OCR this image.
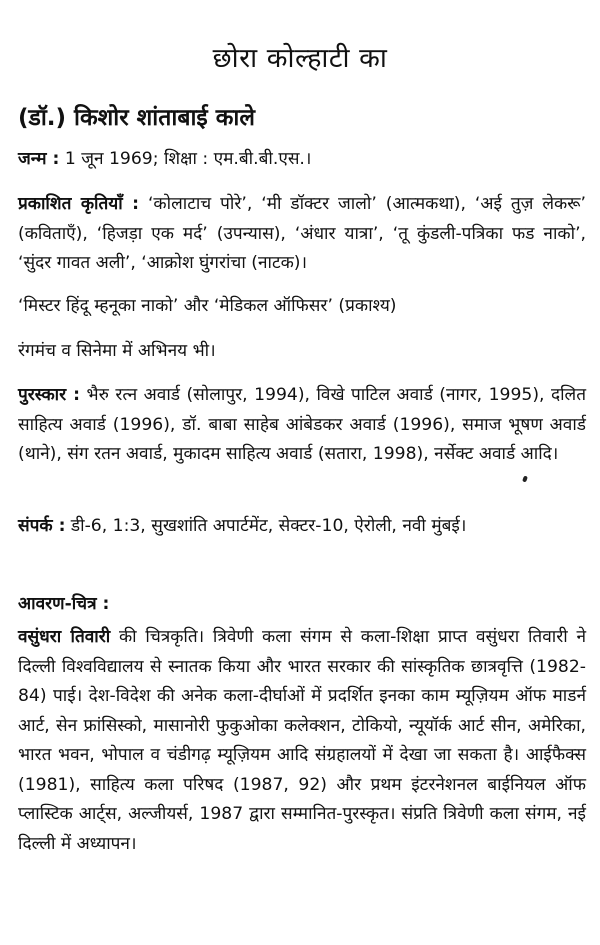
छोरा कोल्हाटी का
(डॉ.) किशोर शांताबाई काले

जन्म : 1 जून 1969; शिक्षा : एम.बी.बी.एस.।

प्रकाशित कृतियाँ : ‘कोलाटाच पोरे’, ‘मी डॉक्टर जालो’ (आत्मकथा), ‘अई तुज़ लेकरू’ (कविताएँ), ‘हिजड़ा एक मर्द’ (उपन्यास), ‘अंधार यात्रा’, ‘तू कुंडली-पत्रिका फड नाको’, ‘सुंदर गावत अली’, ‘आक्रोश घुंगरांचा (नाटक)।

‘मिस्टर हिंदू म्हनूका नाको’ और ‘मेडिकल ऑफिसर’ (प्रकाश्य)

रंगमंच व सिनेमा में अभिनय भी।

पुरस्कार : भैरु रत्न अवार्ड (सोलापुर, 1994), विखे पाटिल अवार्ड (नागर, 1995), दलित साहित्य अवार्ड (1996), डॉ. बाबा साहेब आंबेडकर अवार्ड (1996), समाज भूषण अवार्ड (थाने), संग रतन अवार्ड, मुकादम साहित्य अवार्ड (सतारा, 1998), नर्सेक्ट अवार्ड आदि।

संपर्क : डी-6, 1:3, सुखशांति अपार्टमेंट, सेक्टर-10, ऐरोली, नवी मुंबई।

आवरण-चित्र :

वसुंधरा तिवारी की चित्रकृति। त्रिवेणी कला संगम से कला-शिक्षा प्राप्त वसुंधरा तिवारी ने दिल्ली विश्वविद्यालय से स्नातक किया और भारत सरकार की सांस्कृतिक छात्रवृत्ति (1982-84) पाई। देश-विदेश की अनेक कला-दीर्घाओं में प्रदर्शित इनका काम म्यूज़ियम ऑफ माडर्न आर्ट, सेन फ्रांसिस्को, मासानोरी फुकुओका कलेक्शन, टोकियो, न्यूयॉर्क आर्ट सीन, अमेरिका, भारत भवन, भोपाल व चंडीगढ़ म्यूज़ियम आदि संग्रहालयों में देखा जा सकता है। आईफैक्स (1981), साहित्य कला परिषद (1987, 92) और प्रथम इंटरनेशनल बाईनियल ऑफ प्लास्टिक आर्ट्स, अल्जीयर्स, 1987 द्वारा सम्मानित-पुरस्कृत। संप्रति त्रिवेणी कला संगम, नई दिल्ली में अध्यापन।
